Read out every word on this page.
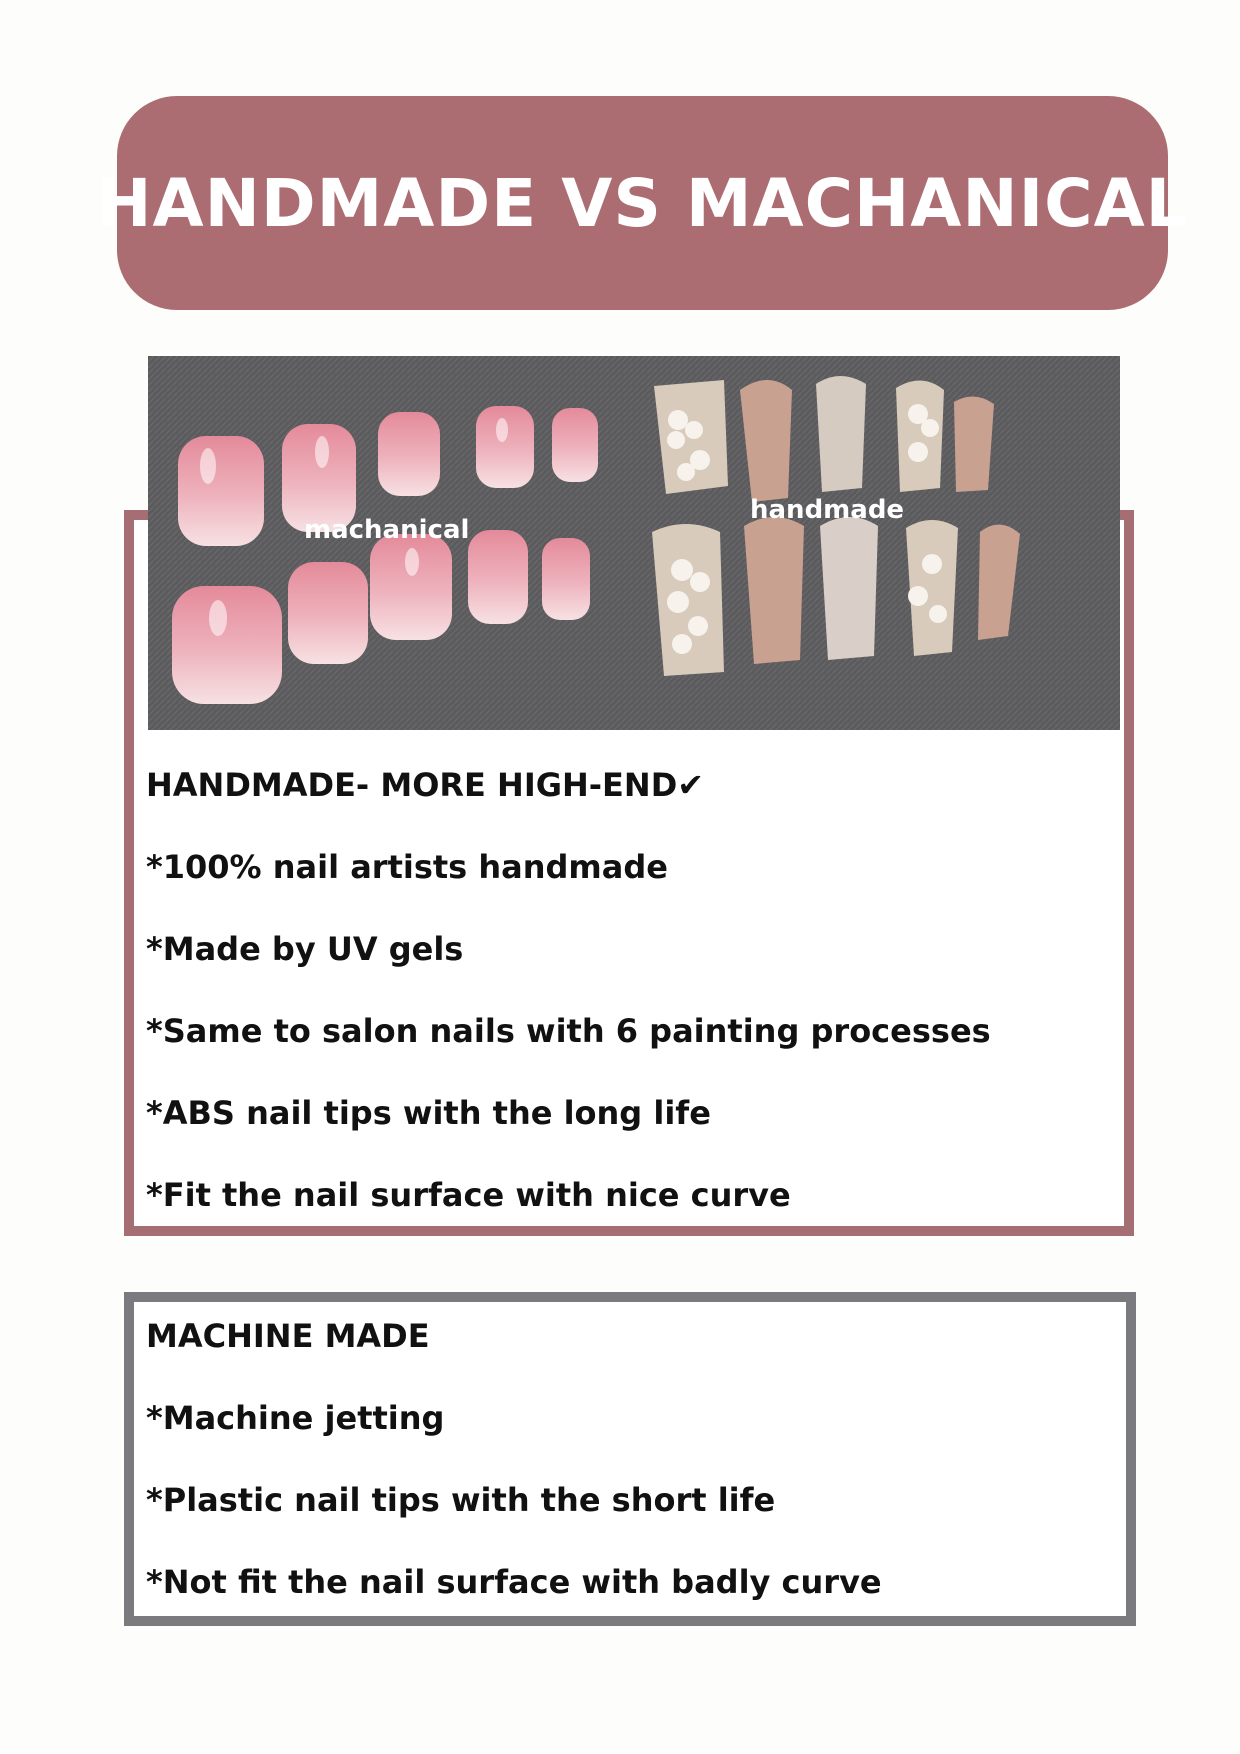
HANDMADE VS MACHANICAL
machanical
handmade
HANDMADE- MORE HIGH-END✔
*100% nail artists handmade
*Made by UV gels
*Same to salon nails with 6 painting processes
*ABS nail tips with the long life
*Fit the nail surface with nice curve
MACHINE MADE
*Machine jetting
*Plastic nail tips with the short life
*Not fit the nail surface with badly curve
